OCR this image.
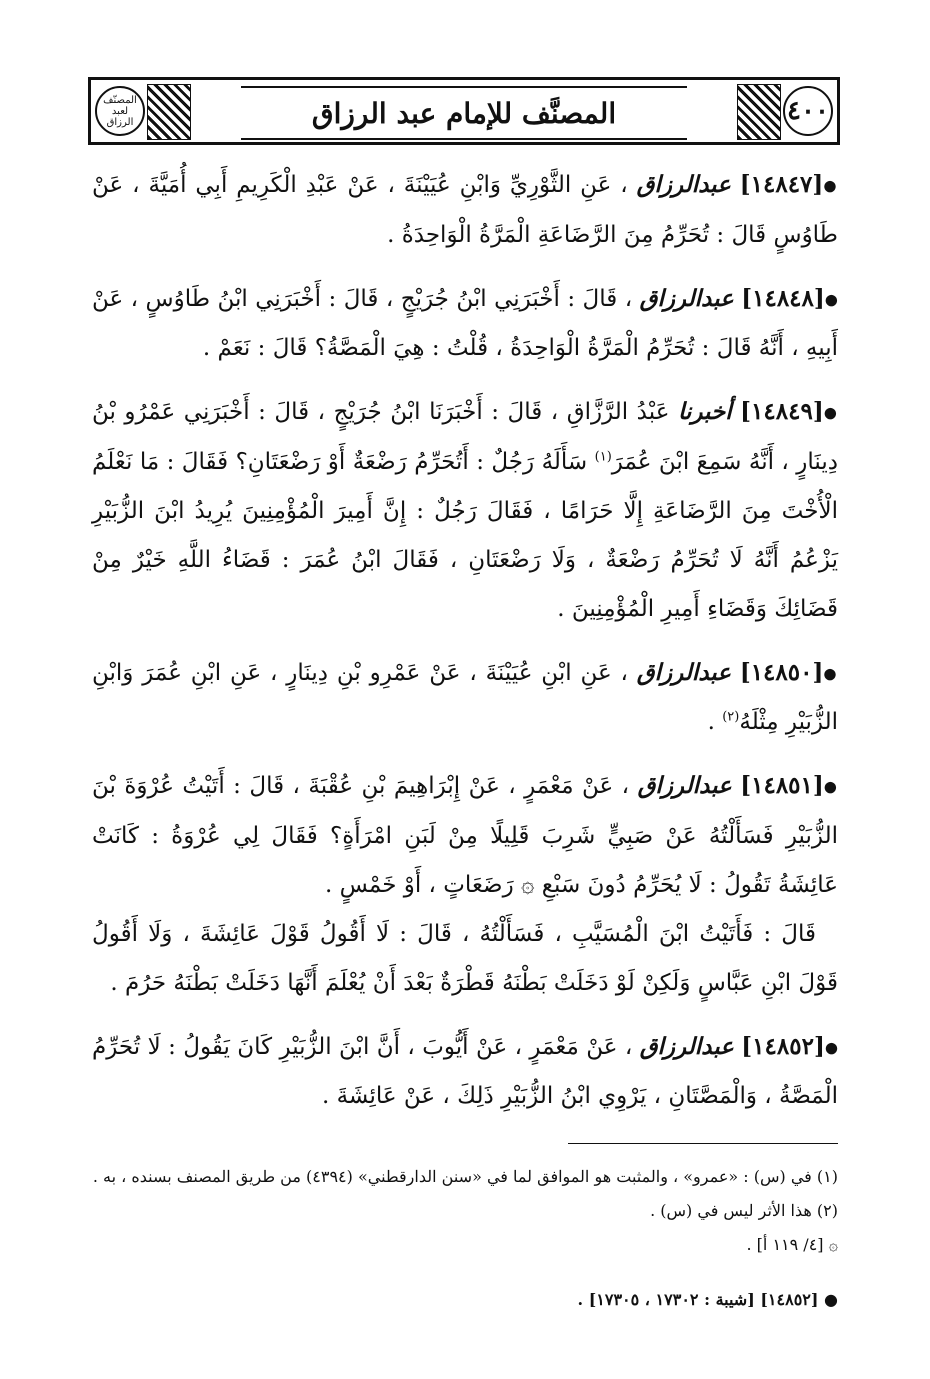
المصنّف لعبد الرزاق	المصنَّف للإمام عبد الرزاق	٤٠٠

●[١٤٨٤٧] عبدالرزاق ، عَنِ الثَّوْرِيِّ وَابْنِ عُيَيْنَةَ ، عَنْ عَبْدِ الْكَرِيمِ أَبِي أُمَيَّةَ ، عَنْ طَاوُسٍ قَالَ : تُحَرِّمُ مِنَ الرَّضَاعَةِ الْمَرَّةُ الْوَاحِدَةُ .

●[١٤٨٤٨] عبدالرزاق ، قَالَ : أَخْبَرَنِي ابْنُ جُرَيْجٍ ، قَالَ : أَخْبَرَنِي ابْنُ طَاوُسٍ ، عَنْ أَبِيهِ ، أَنَّهُ قَالَ : تُحَرِّمُ الْمَرَّةُ الْوَاحِدَةُ ، قُلْتُ : هِيَ الْمَصَّةُ؟ قَالَ : نَعَمْ .

●[١٤٨٤٩] أخبرنا عَبْدُ الرَّزَّاقِ ، قَالَ : أَخْبَرَنَا ابْنُ جُرَيْجٍ ، قَالَ : أَخْبَرَنِي عَمْرُو بْنُ دِينَارٍ ، أَنَّهُ سَمِعَ ابْنَ عُمَرَ$^{(١)}$ سَأَلَهُ رَجُلٌ : أَتُحَرِّمُ رَضْعَةٌ أَوْ رَضْعَتَانِ؟ فَقَالَ : مَا نَعْلَمُ الْأُخْتَ مِنَ الرَّضَاعَةِ إِلَّا حَرَامًا ، فَقَالَ رَجُلٌ : إِنَّ أَمِيرَ الْمُؤْمِنِينَ يُرِيدُ ابْنَ الزُّبَيْرِ يَزْعُمُ أَنَّهُ لَا تُحَرِّمُ رَضْعَةٌ ، وَلَا رَضْعَتَانِ ، فَقَالَ ابْنُ عُمَرَ : قَضَاءُ اللَّهِ خَيْرٌ مِنْ قَضَائِكَ وَقَضَاءِ أَمِيرِ الْمُؤْمِنِينَ .

●[١٤٨٥٠] عبدالرزاق ، عَنِ ابْنِ عُيَيْنَةَ ، عَنْ عَمْرِو بْنِ دِينَارٍ ، عَنِ ابْنِ عُمَرَ وَابْنِ الزُّبَيْرِ مِثْلَهُ$^{(٢)}$ .

●[١٤٨٥١] عبدالرزاق ، عَنْ مَعْمَرٍ ، عَنْ إِبْرَاهِيمَ بْنِ عُقْبَةَ ، قَالَ : أَتَيْتُ عُرْوَةَ بْنَ الزُّبَيْرِ فَسَأَلْتُهُ عَنْ صَبِيٍّ شَرِبَ قَلِيلًا مِنْ لَبَنِ امْرَأَةٍ؟ فَقَالَ لِي عُرْوَةُ : كَانَتْ عَائِشَةُ تَقُولُ : لَا يُحَرِّمُ دُونَ سَبْعِ ۞ رَضَعَاتٍ ، أَوْ خَمْسٍ .

قَالَ : فَأَتَيْتُ ابْنَ الْمُسَيَّبِ ، فَسَأَلْتُهُ ، قَالَ : لَا أَقُولُ قَوْلَ عَائِشَةَ ، وَلَا أَقُولُ قَوْلَ ابْنِ عَبَّاسٍ وَلَكِنْ لَوْ دَخَلَتْ بَطْنَهُ قَطْرَةٌ بَعْدَ أَنْ يُعْلَمَ أَنَّهَا دَخَلَتْ بَطْنَهُ حَرُمَ .

●[١٤٨٥٢] عبدالرزاق ، عَنْ مَعْمَرٍ ، عَنْ أَيُّوبَ ، أَنَّ ابْنَ الزُّبَيْرِ كَانَ يَقُولُ : لَا تُحَرِّمُ الْمَصَّةُ ، وَالْمَصَّتَانِ ، يَرْوِي ابْنُ الزُّبَيْرِ ذَلِكَ ، عَنْ عَائِشَةَ .

(١) في (س) : «عمرو» ، والمثبت هو الموافق لما في «سنن الدارقطني» (٤٣٩٤) من طريق المصنف بسنده ، به .

(٢) هذا الأثر ليس في (س) .

۞ [٤/ ١١٩ أ] .

● [١٤٨٥٢] [شيبة : ١٧٣٠٢ ، ١٧٣٠٥] .
